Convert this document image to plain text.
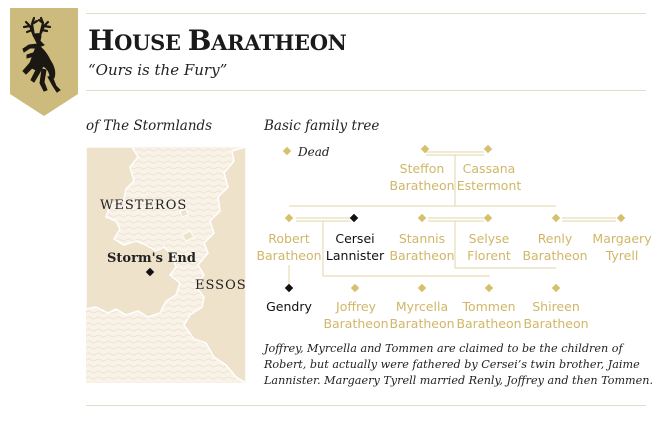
HOUSE BARATHEON
“Ours is the Fury”
of The Stormlands	Basic family tree
WESTEROS
Storm's End
ESSOS
Dead
Steffon
Baratheon
Cassana
Estermont
Robert
Baratheon
Cersei
Lannister
Stannis
Baratheon
Selyse
Florent
Renly
Baratheon
Margaery
Tyrell
Gendry	Joffrey
Baratheon
Myrcella
Baratheon
Tommen
Baratheon
Shireen
Baratheon
Joffrey, Myrcella and Tommen are claimed to be the children of Robert, but actually were fathered by Cersei’s twin brother, Jaime Lannister. Margaery Tyrell married Renly, Joffrey and then Tommen.
